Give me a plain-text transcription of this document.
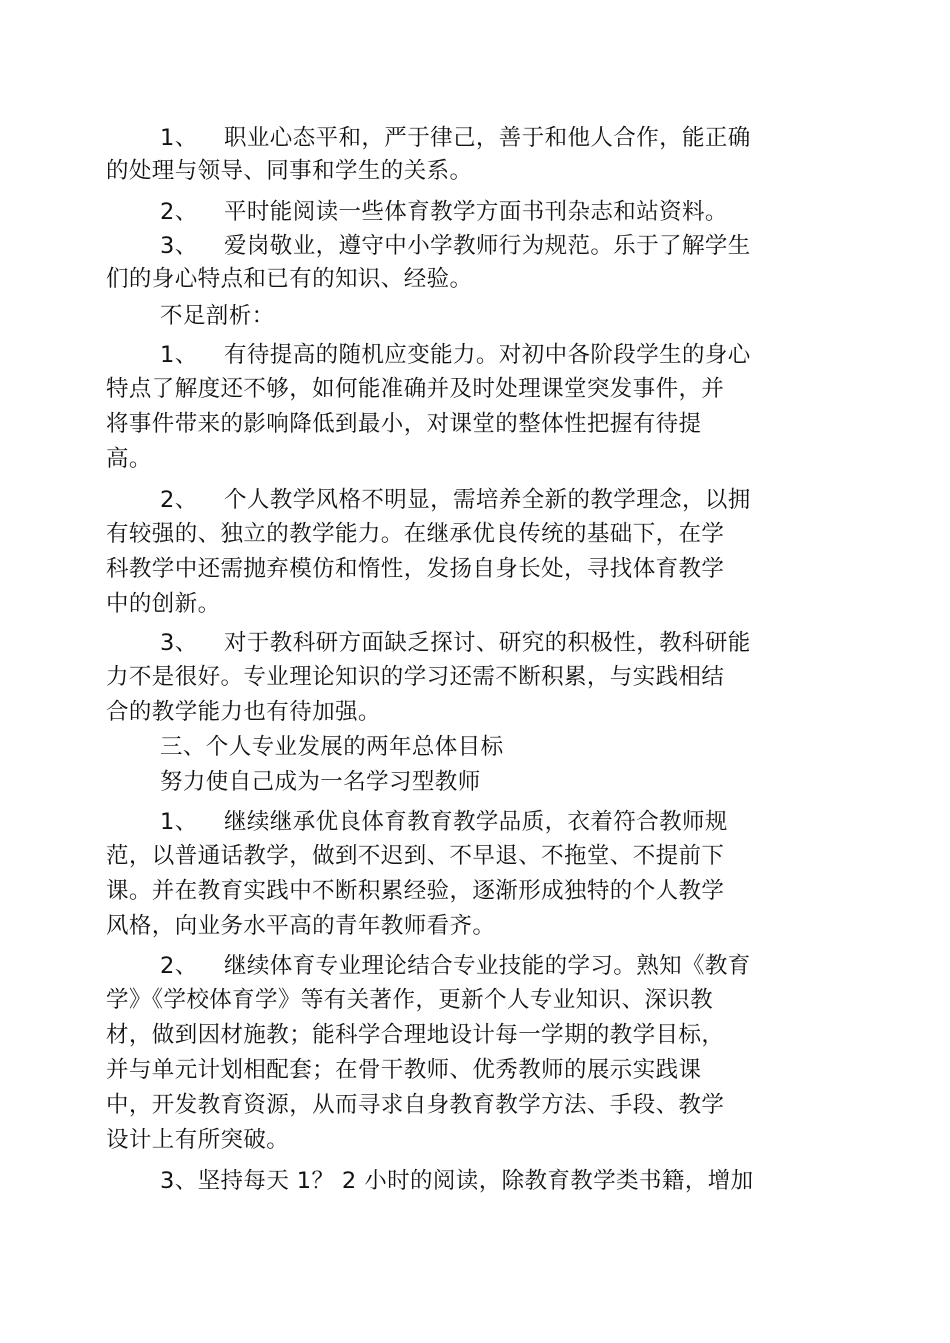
1、 职业心态平和，严于律己，善于和他人合作，能正确
的处理与领导、同事和学生的关系。
2、 平时能阅读一些体育教学方面书刊杂志和站资料。
3、 爱岗敬业，遵守中小学教师行为规范。乐于了解学生
们的身心特点和已有的知识、经验。
不足剖析：
1、 有待提高的随机应变能力。对初中各阶段学生的身心
特点了解度还不够，如何能准确并及时处理课堂突发事件，并
将事件带来的影响降低到最小，对课堂的整体性把握有待提
高。
2、 个人教学风格不明显，需培养全新的教学理念，以拥
有较强的、独立的教学能力。在继承优良传统的基础下，在学
科教学中还需抛弃模仿和惰性，发扬自身长处，寻找体育教学
中的创新。
3、 对于教科研方面缺乏探讨、研究的积极性，教科研能
力不是很好。专业理论知识的学习还需不断积累，与实践相结
合的教学能力也有待加强。
三、个人专业发展的两年总体目标
努力使自己成为一名学习型教师
1、 继续继承优良体育教育教学品质，衣着符合教师规
范，以普通话教学，做到不迟到、不早退、不拖堂、不提前下
课。并在教育实践中不断积累经验，逐渐形成独特的个人教学
风格，向业务水平高的青年教师看齐。
2、 继续体育专业理论结合专业技能的学习。熟知《教育
学》《学校体育学》等有关著作，更新个人专业知识、深识教
材，做到因材施教；能科学合理地设计每一学期的教学目标，
并与单元计划相配套；在骨干教师、优秀教师的展示实践课
中，开发教育资源，从而寻求自身教育教学方法、手段、教学
设计上有所突破。
3、坚持每天 1？ 2 小时的阅读，除教育教学类书籍，增加
